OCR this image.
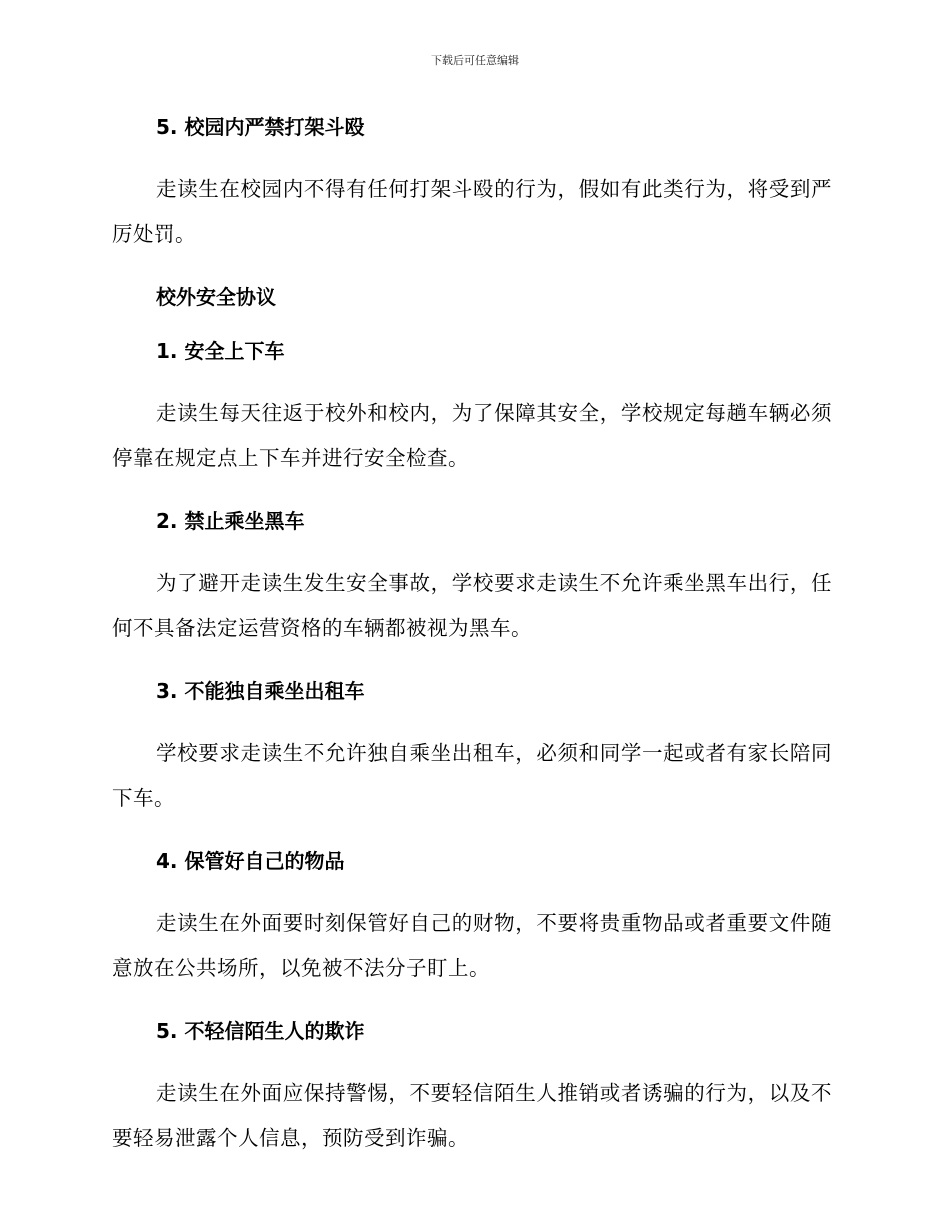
下载后可任意编辑
5. 校园内严禁打架斗殴

走读生在校园内不得有任何打架斗殴的行为，假如有此类行为，将受到严厉处罚。

校外安全协议
1. 安全上下车

走读生每天往返于校外和校内，为了保障其安全，学校规定每趟车辆必须停靠在规定点上下车并进行安全检查。

2. 禁止乘坐黑车

为了避开走读生发生安全事故，学校要求走读生不允许乘坐黑车出行，任何不具备法定运营资格的车辆都被视为黑车。

3. 不能独自乘坐出租车

学校要求走读生不允许独自乘坐出租车，必须和同学一起或者有家长陪同下车。

4. 保管好自己的物品

走读生在外面要时刻保管好自己的财物，不要将贵重物品或者重要文件随意放在公共场所，以免被不法分子盯上。

5. 不轻信陌生人的欺诈

走读生在外面应保持警惕，不要轻信陌生人推销或者诱骗的行为，以及不要轻易泄露个人信息，预防受到诈骗。
